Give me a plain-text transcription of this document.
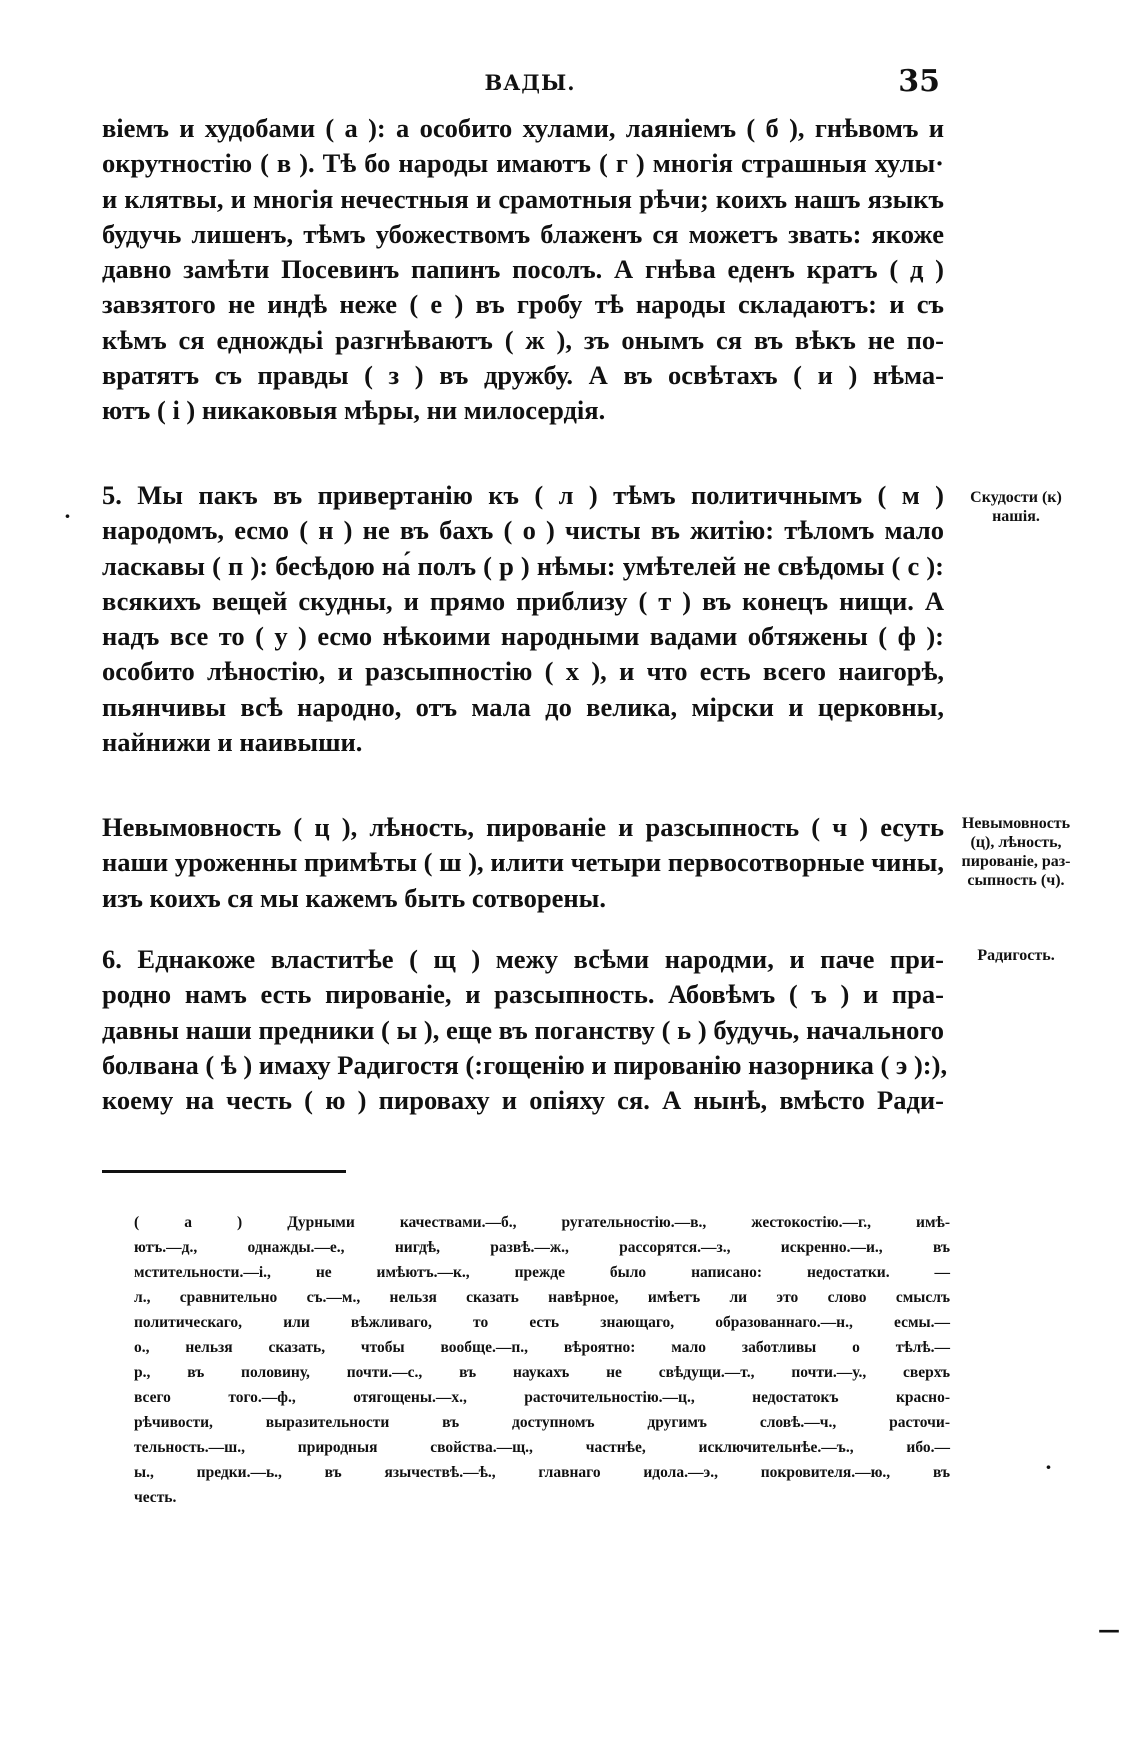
ВАДЫ.	35
віемъ и худобами ( а ): а особито хулами, лаяніемъ ( б ), гнѣвомъ и
окрутностію ( в ). Тѣ бо народы имаютъ ( г ) многія страшныя хулы·
и клятвы, и многія нечестныя и срамотныя рѣчи; коихъ нашъ языкъ
будучь лишенъ, тѣмъ убожествомъ блаженъ ся можетъ звать: якоже
давно замѣти Посевинъ папинъ посолъ. А гнѣва еденъ кратъ ( д )
завзятого не индѣ неже ( е ) въ гробу тѣ народы складаютъ: и съ
кѣмъ ся еднождьі разгнѣваютъ ( ж ), зъ онымъ ся въ вѣкъ не по-
вратятъ съ правды ( з ) въ дружбу. А въ освѣтахъ ( и ) нѣма-
ютъ ( і ) никаковыя мѣры, ни милосердія.
5. Мы пакъ въ привертанію къ ( л ) тѣмъ политичнымъ ( м )
народомъ, есмо ( н ) не въ бахъ ( о ) чисты въ житію: тѣломъ мало
ласкавы ( п ): бесѣдою на́ полъ ( р ) нѣмы: умѣтелей не свѣдомы ( с ):
всякихъ вещей скудны, и прямо приблизу ( т ) въ конецъ нищи. А
надъ все то ( у ) есмо нѣкоими народными вадами обтяжены ( ф ):
особито лѣностію, и разсыпностію ( х ), и что есть всего наигорѣ,
пьянчивы всѣ народно, отъ мала до велика, мірски и церковны,
найнижи и наивыши.
Невымовность ( ц ), лѣность, пированіе и разсыпность ( ч ) есуть
наши уроженны примѣты ( ш ), илити четыри первосотворные чины,
изъ коихъ ся мы кажемъ быть сотворены.
6. Еднакоже властитѣе ( щ ) межу всѣми народми, и паче при-
родно намъ есть пированіе, и разсыпность. Абовѣмъ ( ъ ) и пра-
давны наши предники ( ы ), еще въ поганству ( ь ) будучь, начального
болвана ( ѣ ) имаху Радигостя (:гощенію и пированію назорника ( э ):),
коему на честь ( ю ) пироваху и опіяху ся. А нынѣ, вмѣсто Ради-
Скудости (к)
нашія.
Невымовность
(ц), лѣность,
пированіе, раз-
сыпность (ч).
Радигость.
( а ) Дурными качествами.—б., ругательностію.—в., жестокостію.—г., имѣ-
ютъ.—д., однажды.—е., нигдѣ, развѣ.—ж., рассорятся.—з., искренно.—и., въ
мстительности.—і., не имѣютъ.—к., прежде было написано: недостатки. —
л., сравнительно съ.—м., нельзя сказать навѣрное, имѣетъ ли это слово смыслъ
политическаго, или вѣжливаго, то есть знающаго, образованнаго.—н., есмы.—
о., нельзя сказать, чтобы вообще.—п., вѣроятно: мало заботливы о тѣлѣ.—
р., въ половину, почти.—с., въ наукахъ не свѣдущи.—т., почти.—у., сверхъ
всего того.—ф., отягощены.—х., расточительностію.—ц., недостатокъ красно-
рѣчивости, выразительности въ доступномъ другимъ словѣ.—ч., расточи-
тельность.—ш., природныя свойства.—щ., частнѣе, исключительнѣе.—ъ., ибо.—
ы., предки.—ь., въ язычествѣ.—ѣ., главнаго идола.—э., покровителя.—ю., въ
честь.
·
·
—
